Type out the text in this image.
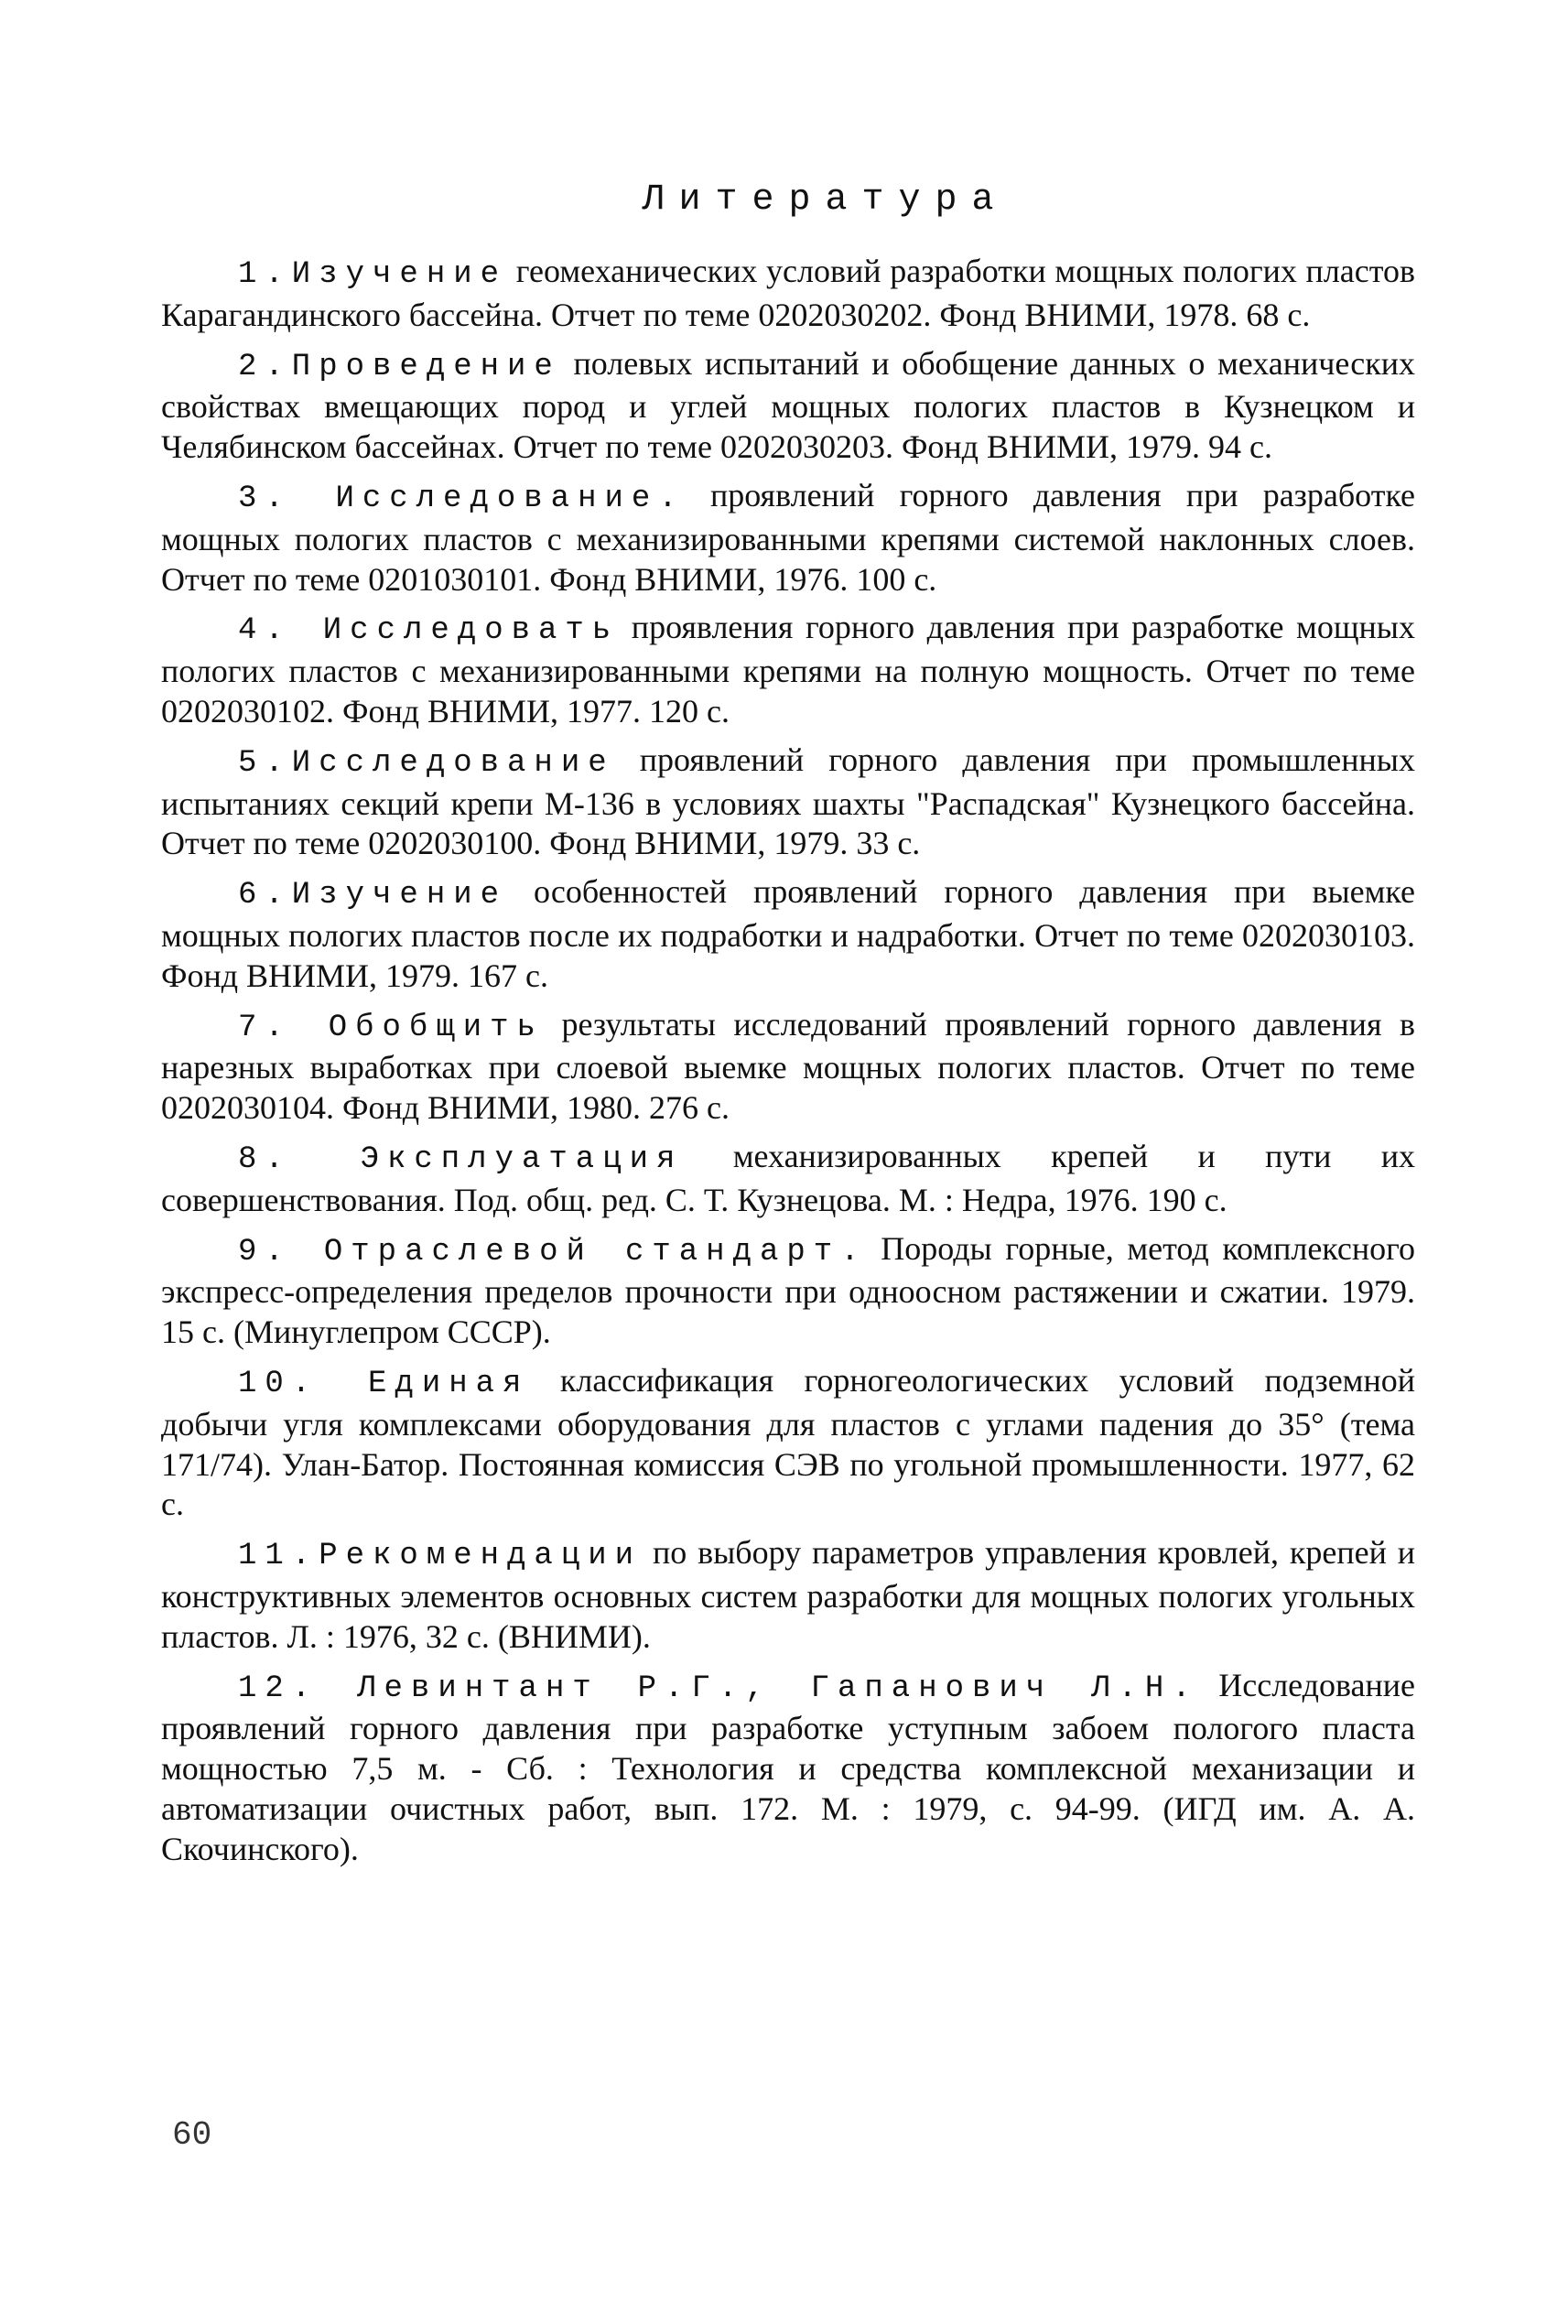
Литература

1.Изучение геомеханических условий разработки мощных пологих пластов Карагандинского бассейна. Отчет по теме 0202030202. Фонд ВНИМИ, 1978. 68 с.

2.Проведение полевых испытаний и обобщение данных о механических свойствах вмещающих пород и углей мощных пологих пластов в Кузнецком и Челябинском бассейнах. Отчет по теме 0202030203. Фонд ВНИМИ, 1979. 94 с.

3. Исследование. проявлений горного давления при разработке мощных пологих пластов с механизированными крепями системой наклонных слоев. Отчет по теме 0201030101. Фонд ВНИМИ, 1976. 100 с.

4. Исследовать проявления горного давления при разработке мощных пологих пластов с механизированными крепями на полную мощность. Отчет по теме 0202030102. Фонд ВНИМИ, 1977. 120 с.

5.Исследование проявлений горного давления при промышленных испытаниях секций крепи М-136 в условиях шахты "Распадская" Кузнецкого бассейна. Отчет по теме 0202030100. Фонд ВНИМИ, 1979. 33 с.

6.Изучение особенностей проявлений горного давления при выемке мощных пологих пластов после их подработки и надработки. Отчет по теме 0202030103. Фонд ВНИМИ, 1979. 167 с.

7. Обобщить результаты исследований проявлений горного давления в нарезных выработках при слоевой выемке мощных пологих пластов. Отчет по теме 0202030104. Фонд ВНИМИ, 1980. 276 с.

8. Эксплуатация механизированных крепей и пути их совершенствования. Под. общ. ред. С. Т. Кузнецова. М. : Недра, 1976. 190 с.

9. Отраслевой стандарт. Породы горные, метод комплексного экспресс-определения пределов прочности при одноосном растяжении и сжатии. 1979. 15 с. (Минуглепром СССР).

10. Единая классификация горногеологических условий подземной добычи угля комплексами оборудования для пластов с углами падения до 35° (тема 171/74). Улан-Батор. Постоянная комиссия СЭВ по угольной промышленности. 1977, 62 с.

11.Рекомендации по выбору параметров управления кровлей, крепей и конструктивных элементов основных систем разработки для мощных пологих угольных пластов. Л. : 1976, 32 с. (ВНИМИ).

12. Левинтант Р.Г., Гапанович Л.Н. Исследование проявлений горного давления при разработке уступным забоем пологого пласта мощностью 7,5 м. - Сб. : Технология и средства комплексной механизации и автоматизации очистных работ, вып. 172. М. : 1979, с. 94-99. (ИГД им. А. А. Скочинского).

60
